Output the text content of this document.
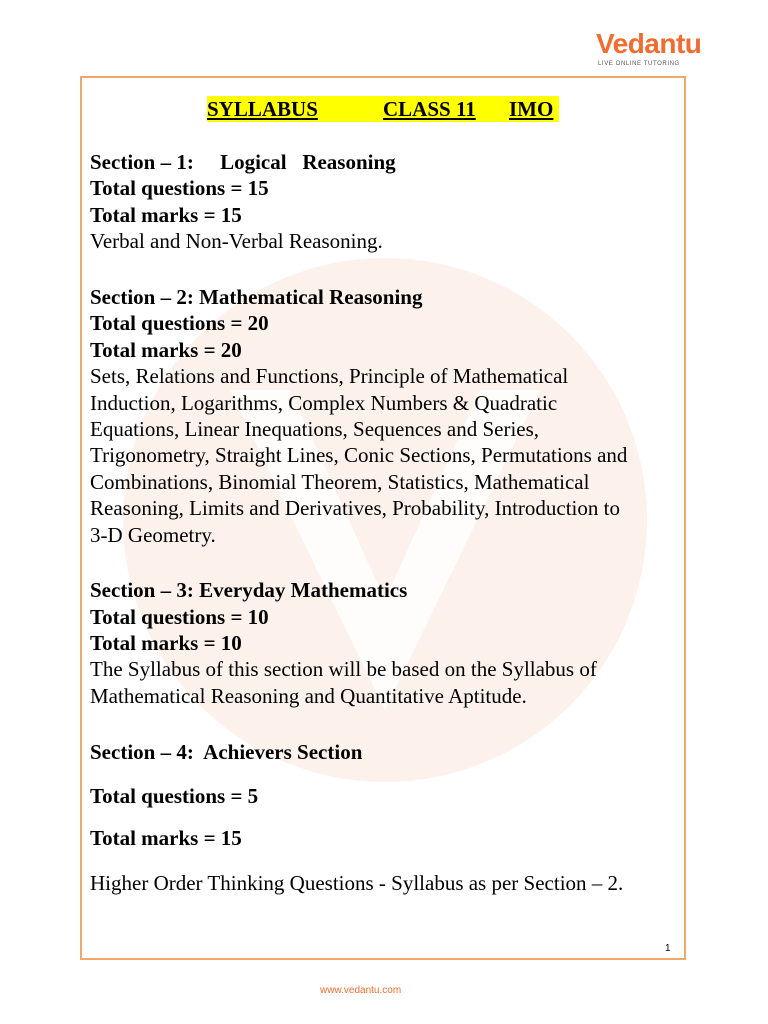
Vedantu
LIVE ONLINE TUTORING

SYLLABUS

	CLASS 11

IMO

Section – 1:     Logical   Reasoning
Total questions = 15
Total marks = 15
Verbal and Non-Verbal Reasoning.
Section – 2: Mathematical Reasoning
Total questions = 20
Total marks = 20
Sets, Relations and Functions, Principle of Mathematical
Induction, Logarithms, Complex Numbers & Quadratic
Equations, Linear Inequations, Sequences and Series,
Trigonometry, Straight Lines, Conic Sections, Permutations and
Combinations, Binomial Theorem, Statistics, Mathematical
Reasoning, Limits and Derivatives, Probability, Introduction to
3-D Geometry.
Section – 3: Everyday Mathematics
Total questions = 10
Total marks = 10
The Syllabus of this section will be based on the Syllabus of
Mathematical Reasoning and Quantitative Aptitude.
Section – 4:  Achievers Section
Total questions = 5
Total marks = 15
Higher Order Thinking Questions - Syllabus as per Section – 2.
1
www.vedantu.com
